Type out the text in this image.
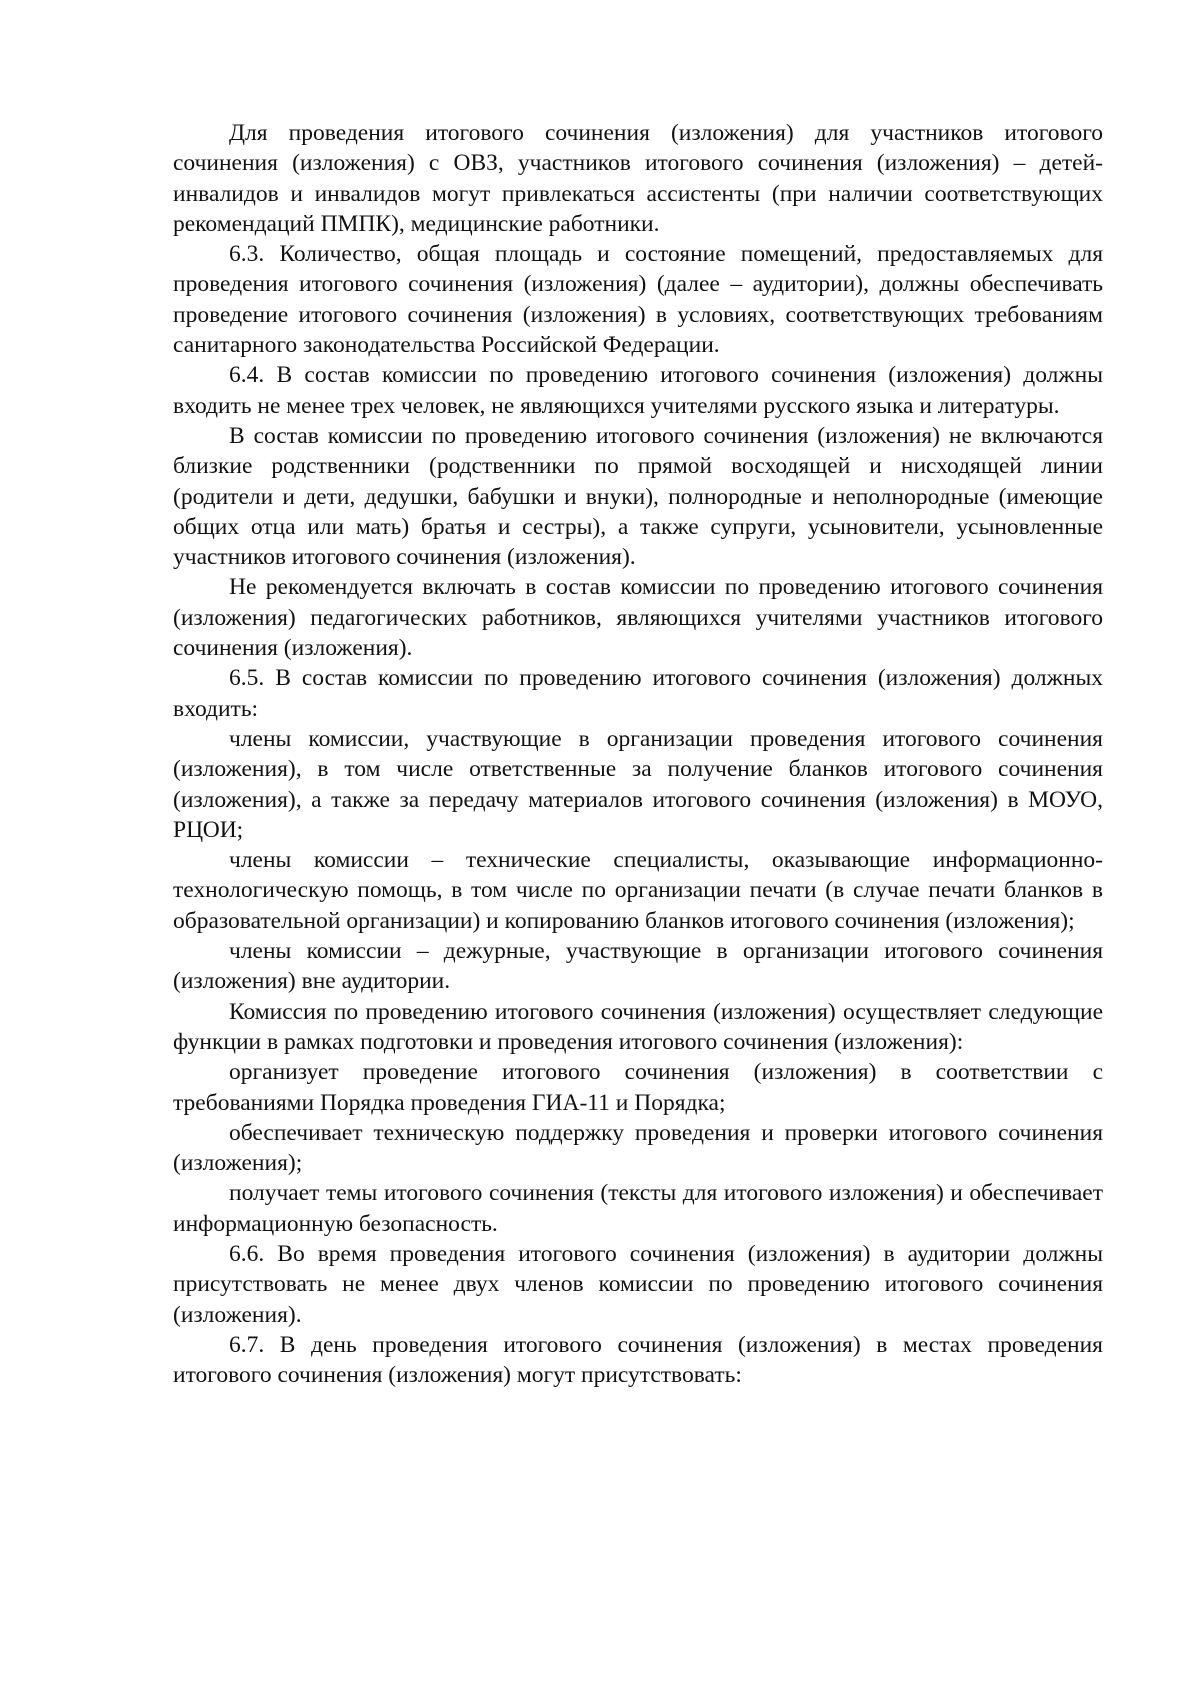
Для проведения итогового сочинения (изложения) для участников итогового сочинения (изложения) с ОВЗ, участников итогового сочинения (изложения) – детей-инвалидов и инвалидов могут привлекаться ассистенты (при наличии соответствующих рекомендаций ПМПК), медицинские работники.

6.3. Количество, общая площадь и состояние помещений, предоставляемых для проведения итогового сочинения (изложения) (далее – аудитории), должны обеспечивать проведение итогового сочинения (изложения) в условиях, соответствующих требованиям санитарного законодательства Российской Федерации.

6.4. В состав комиссии по проведению итогового сочинения (изложения) должны входить не менее трех человек, не являющихся учителями русского языка и литературы.

В состав комиссии по проведению итогового сочинения (изложения) не включаются близкие родственники (родственники по прямой восходящей и нисходящей линии (родители и дети, дедушки, бабушки и внуки), полнородные и неполнородные (имеющие общих отца или мать) братья и сестры), а также супруги, усыновители, усыновленные участников итогового сочинения (изложения).

Не рекомендуется включать в состав комиссии по проведению итогового сочинения (изложения) педагогических работников, являющихся учителями участников итогового сочинения (изложения).

6.5. В состав комиссии по проведению итогового сочинения (изложения) должных входить:

члены комиссии, участвующие в организации проведения итогового сочинения (изложения), в том числе ответственные за получение бланков итогового сочинения (изложения), а также за передачу материалов итогового сочинения (изложения) в МОУО, РЦОИ;

члены комиссии – технические специалисты, оказывающие информационно-технологическую помощь, в том числе по организации печати (в случае печати бланков в образовательной организации) и копированию бланков итогового сочинения (изложения);

члены комиссии – дежурные, участвующие в организации итогового сочинения (изложения) вне аудитории.

Комиссия по проведению итогового сочинения (изложения) осуществляет следующие функции в рамках подготовки и проведения итогового сочинения (изложения):

организует проведение итогового сочинения (изложения) в соответствии с требованиями Порядка проведения ГИА-11 и Порядка;

обеспечивает техническую поддержку проведения и проверки итогового сочинения (изложения);

получает темы итогового сочинения (тексты для итогового изложения) и обеспечивает информационную безопасность.

6.6. Во время проведения итогового сочинения (изложения) в аудитории должны присутствовать не менее двух членов комиссии по проведению итогового сочинения (изложения).

6.7. В день проведения итогового сочинения (изложения) в местах проведения итогового сочинения (изложения) могут присутствовать:
